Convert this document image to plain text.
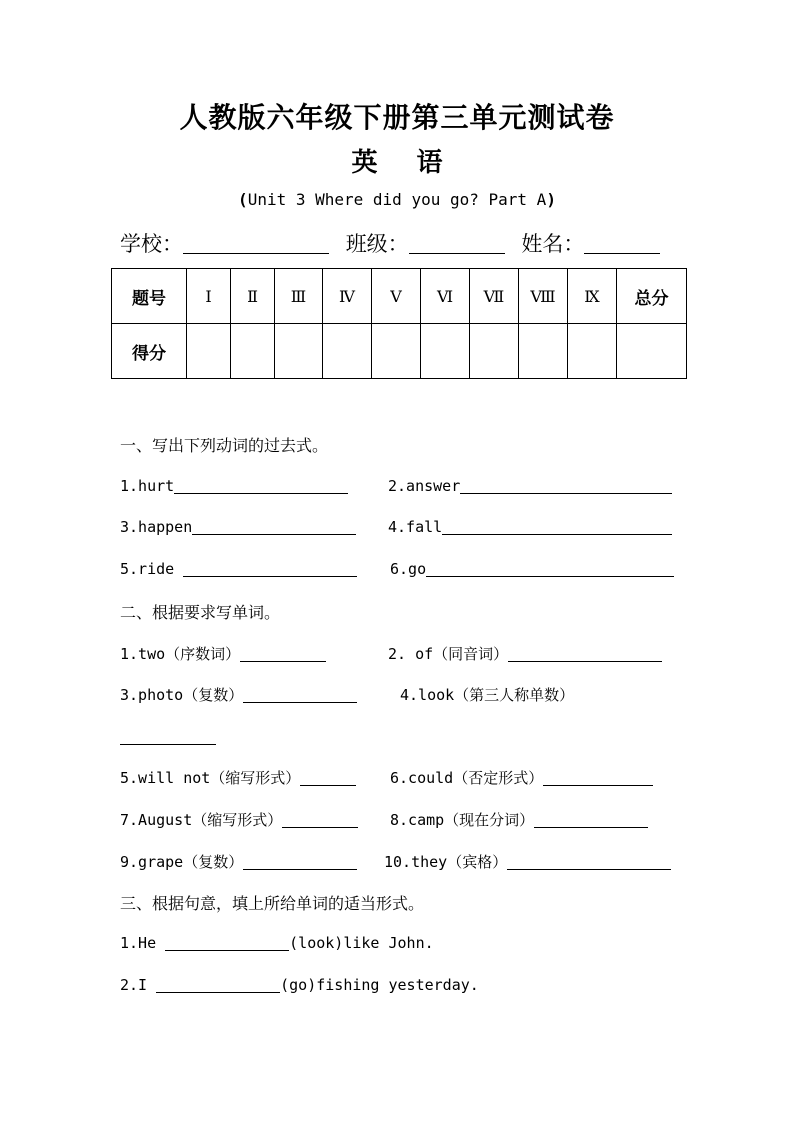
人教版六年级下册第三单元测试卷
英 语
(Unit 3 Where did you go? Part A)
学校：	班级：	姓名：
题号	Ⅰ	Ⅱ	Ⅲ	Ⅳ	Ⅴ	Ⅵ	Ⅶ	Ⅷ	Ⅸ	总分
得分										
一、写出下列动词的过去式。
1.hurt	2.answer
3.happen	4.fall
5.ride	6.go
二、根据要求写单词。
1.two（序数词）	2. of（同音词）
3.photo（复数）	4.look（第三人称单数）
5.will not（缩写形式）	6.could（否定形式）
7.August（缩写形式）	8.camp（现在分词）
9.grape（复数）	10.they（宾格）
三、根据句意，填上所给单词的适当形式。
1.He	(look)like John.
2.I	(go)fishing yesterday.
